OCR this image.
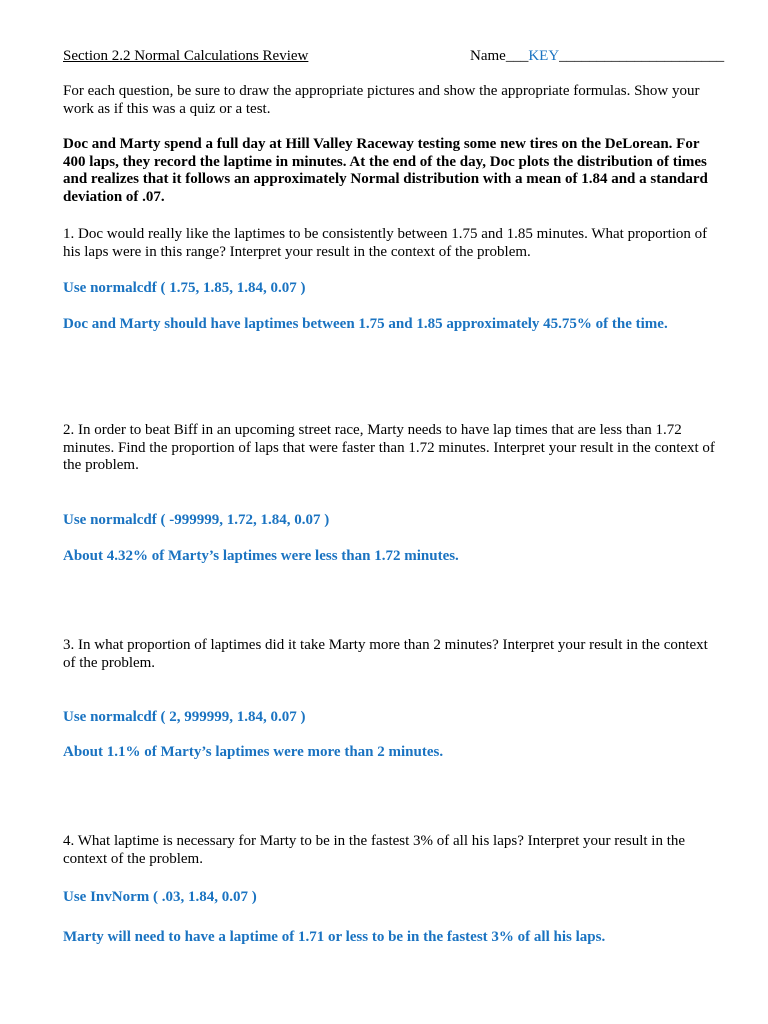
Section 2.2 Normal Calculations Review	Name___KEY______________________

For each question, be sure to draw the appropriate pictures and show the appropriate formulas. Show your work as if this was a quiz or a test.

Doc and Marty spend a full day at Hill Valley Raceway testing some new tires on the DeLorean. For 400 laps, they record the laptime in minutes. At the end of the day, Doc plots the distribution of times and realizes that it follows an approximately Normal distribution with a mean of 1.84 and a standard deviation of .07.

1. Doc would really like the laptimes to be consistently between 1.75 and 1.85 minutes. What proportion of his laps were in this range? Interpret your result in the context of the problem.

Use normalcdf ( 1.75, 1.85, 1.84, 0.07 )
Doc and Marty should have laptimes between 1.75 and 1.85 approximately 45.75% of the time.

2. In order to beat Biff in an upcoming street race, Marty needs to have lap times that are less than 1.72 minutes. Find the proportion of laps that were faster than 1.72 minutes. Interpret your result in the context of the problem.

Use normalcdf ( -999999, 1.72, 1.84, 0.07 )
About 4.32% of Marty’s laptimes were less than 1.72 minutes.

3. In what proportion of laptimes did it take Marty more than 2 minutes? Interpret your result in the context of the problem.

Use normalcdf ( 2, 999999, 1.84, 0.07 )
About 1.1% of Marty’s laptimes were more than 2 minutes.

4. What laptime is necessary for Marty to be in the fastest 3% of all his laps? Interpret your result in the context of the problem.

Use InvNorm ( .03, 1.84, 0.07 )
Marty will need to have a laptime of 1.71 or less to be in the fastest 3% of all his laps.
